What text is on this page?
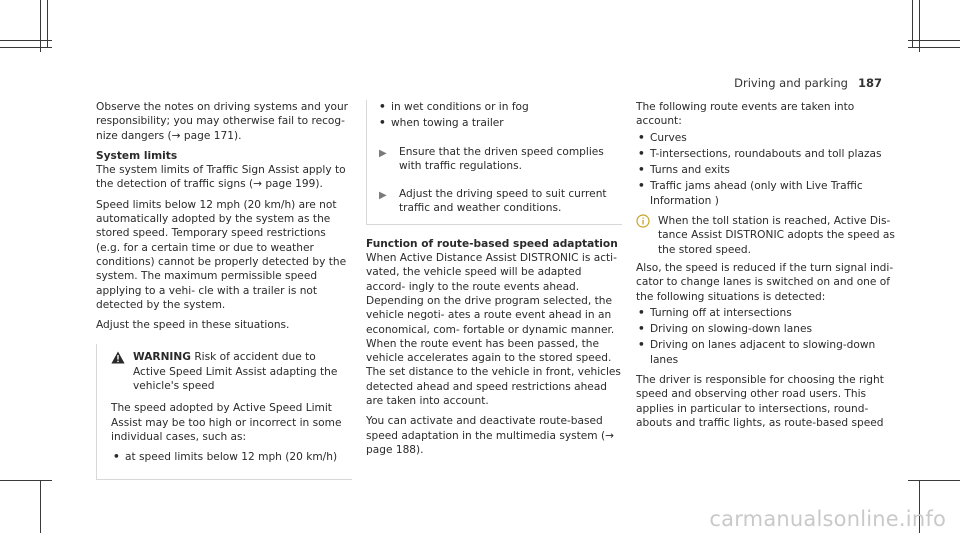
Driving and parking 187

Observe the notes on driving systems and your responsibility; you may otherwise fail to recog- nize dangers (→ page 171).

System limits

The system limits of Traffic Sign Assist apply to the detection of traffic signs (→ page 199).

Speed limits below 12 mph (20 km/h) are not automatically adopted by the system as the stored speed. Temporary speed restrictions (e.g. for a certain time or due to weather conditions) cannot be properly detected by the system. The maximum permissible speed applying to a vehi- cle with a trailer is not detected by the system.

Adjust the speed in these situations.

WARNING Risk of accident due to Active Speed Limit Assist adapting the vehicle's speed

The speed adopted by Active Speed Limit Assist may be too high or incorrect in some individual cases, such as:

• at speed limits below 12 mph (20 km/h)
• in wet conditions or in fog
• when towing a trailer
▶ Ensure that the driven speed complies with traffic regulations.
▶ Adjust the driving speed to suit current traffic and weather conditions.
Function of route-based speed adaptation

When Active Distance Assist DISTRONIC is acti- vated, the vehicle speed will be adapted accord- ingly to the route events ahead. Depending on the drive program selected, the vehicle negoti- ates a route event ahead in an economical, com- fortable or dynamic manner. When the route event has been passed, the vehicle accelerates again to the stored speed. The set distance to the vehicle in front, vehicles detected ahead and speed restrictions ahead are taken into account.

You can activate and deactivate route-based speed adaptation in the multimedia system (→ page 188).

The following route events are taken into account:

• Curves
• T-intersections, roundabouts and toll plazas
• Turns and exits
• Traffic jams ahead (only with Live Traffic Information )
When the toll station is reached, Active Dis- tance Assist DISTRONIC adopts the speed as the stored speed.

Also, the speed is reduced if the turn signal indi- cator to change lanes is switched on and one of the following situations is detected:

• Turning off at intersections
• Driving on slowing-down lanes
• Driving on lanes adjacent to slowing-down lanes

The driver is responsible for choosing the right speed and observing other road users. This applies in particular to intersections, round- abouts and traffic lights, as route-based speed

carmanualsonline.info
